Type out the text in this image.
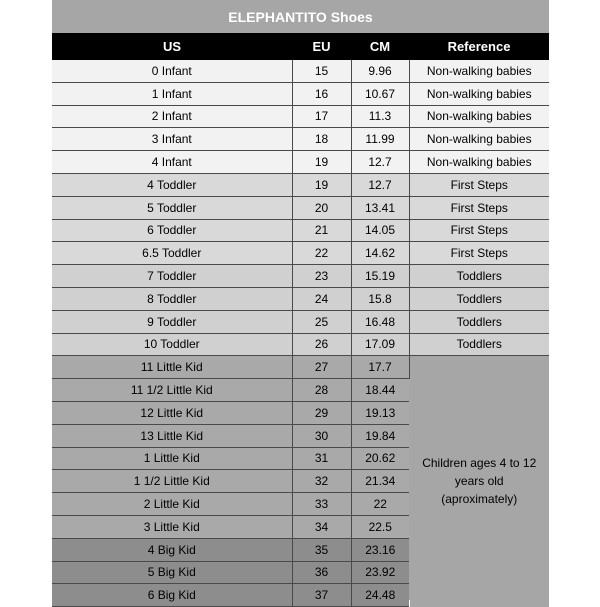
ELEPHANTITO Shoes
US	EU	CM	Reference
0 Infant	15	9.96	Non-walking babies
1 Infant	16	10.67	Non-walking babies
2 Infant	17	11.3	Non-walking babies
3 Infant	18	11.99	Non-walking babies
4 Infant	19	12.7	Non-walking babies
4 Toddler	19	12.7	First Steps
5 Toddler	20	13.41	First Steps
6 Toddler	21	14.05	First Steps
6.5 Toddler	22	14.62	First Steps
7 Toddler	23	15.19	Toddlers
8 Toddler	24	15.8	Toddlers
9 Toddler	25	16.48	Toddlers
10 Toddler	26	17.09	Toddlers
11 Little Kid	27	17.7	Children ages 4 to 12 years old (aproximately)
11 1/2 Little Kid	28	18.44	
12 Little Kid	29	19.13	
13 Little Kid	30	19.84	
1 Little Kid	31	20.62	
1 1/2 Little Kid	32	21.34	
2 Little Kid	33	22	
3 Little Kid	34	22.5	
4 Big Kid	35	23.16	
5 Big Kid	36	23.92	
6 Big Kid	37	24.48	
